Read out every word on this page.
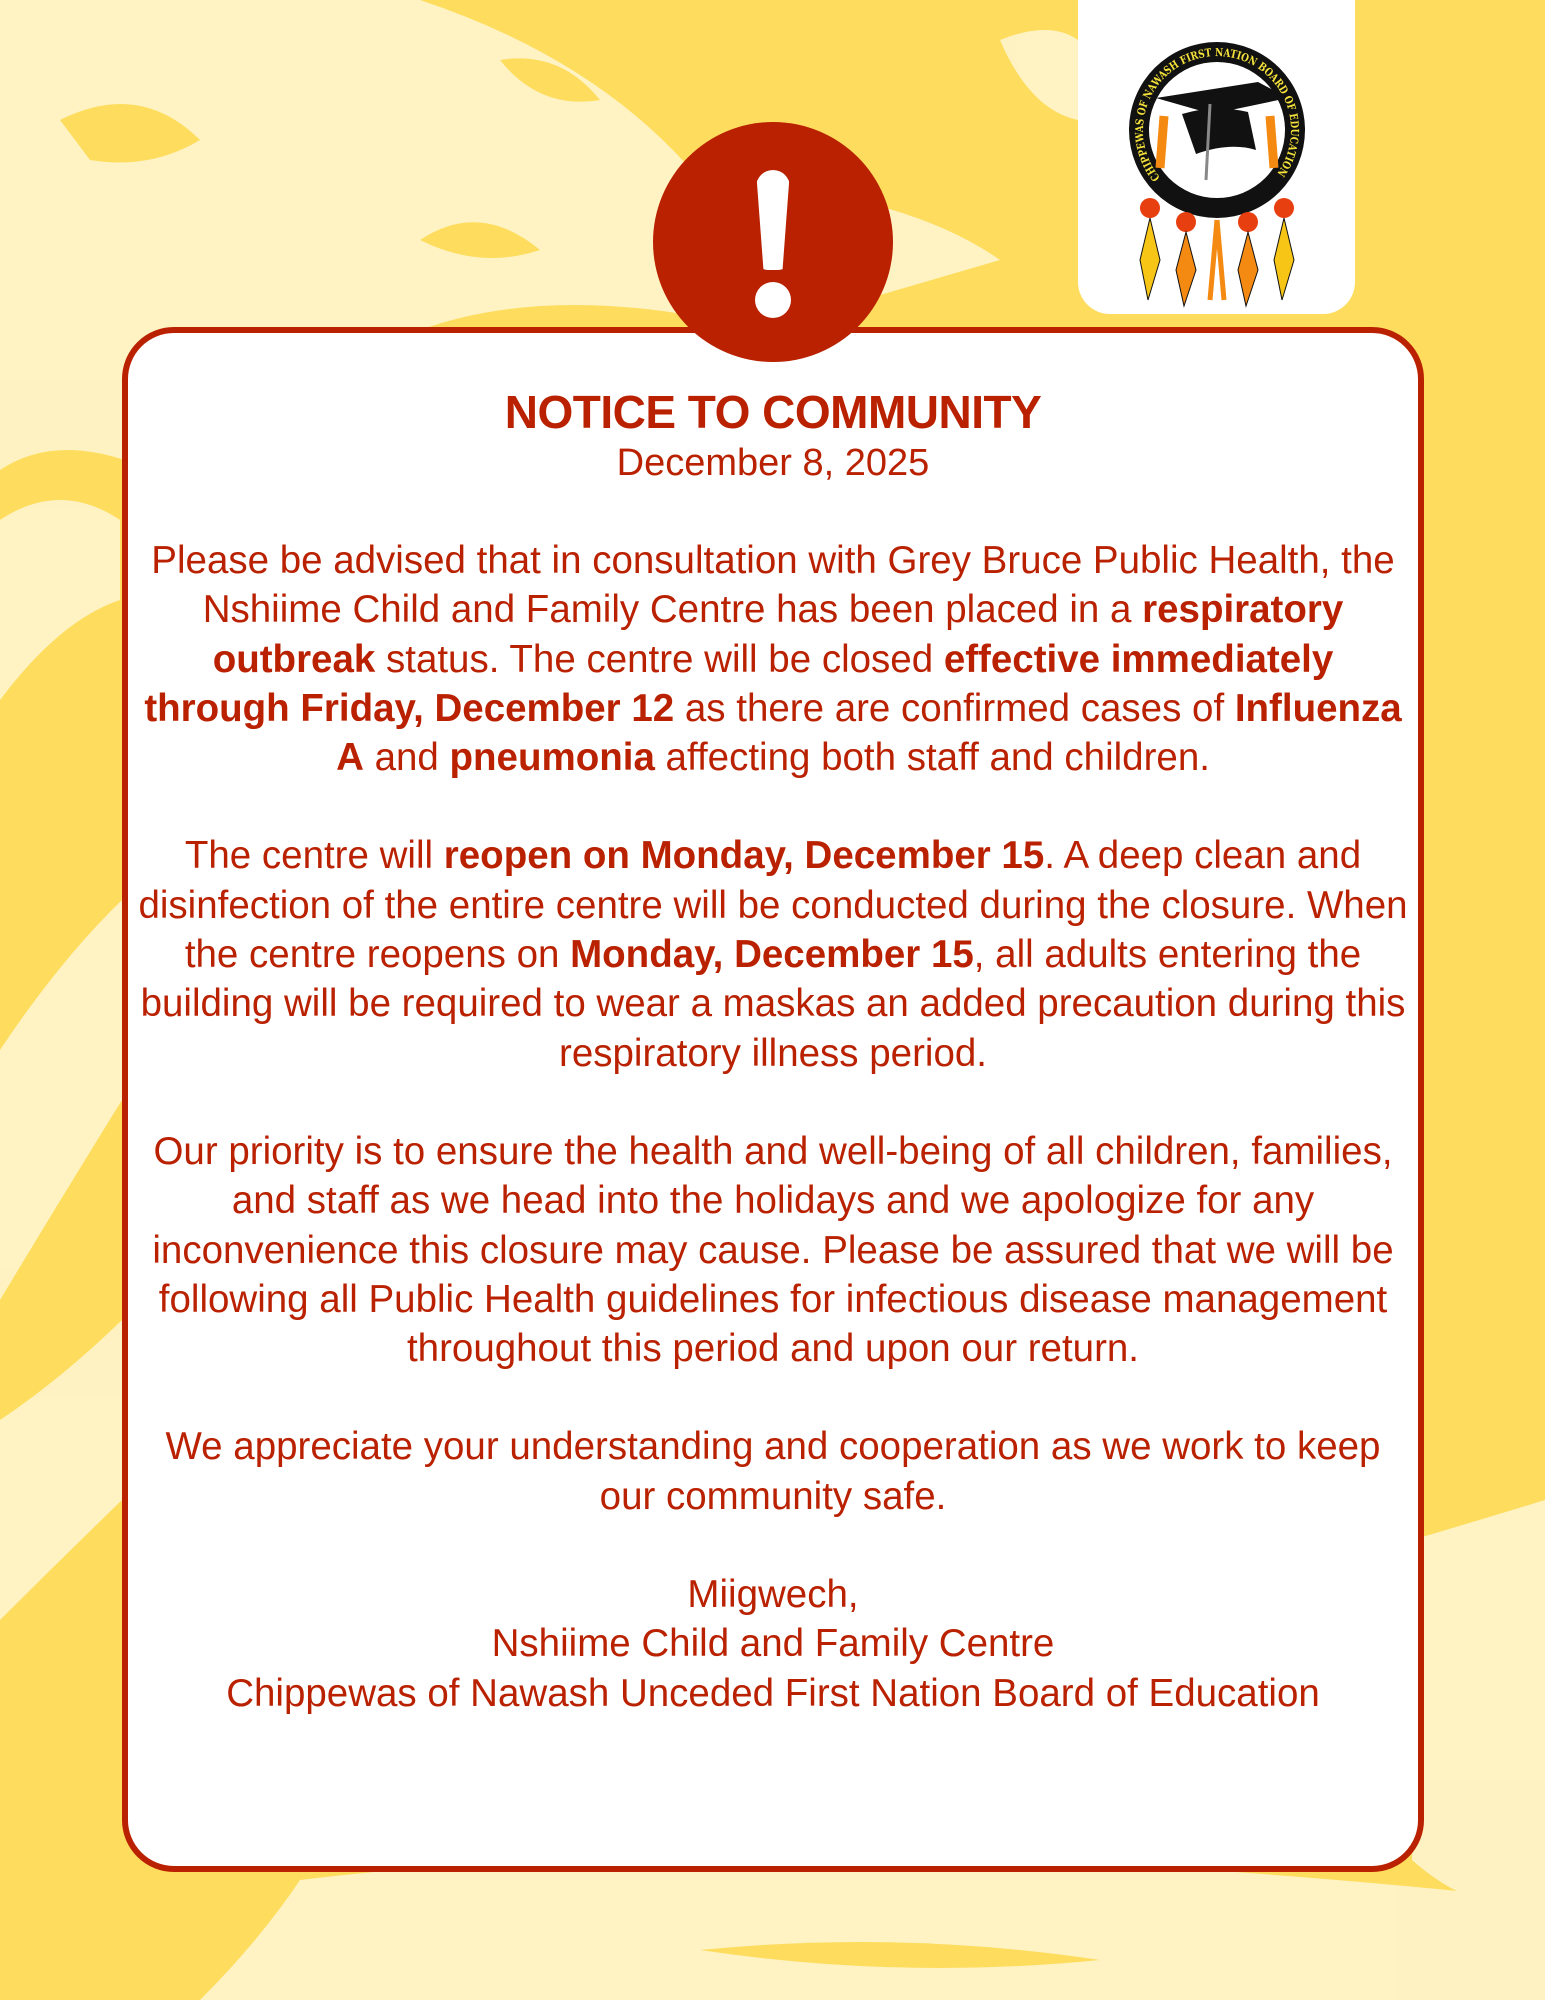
CHIPPEWAS OF NAWASH FIRST NATION BOARD OF EDUCATION
NOTICE TO COMMUNITY
December 8, 2025

Please be advised that in consultation with Grey Bruce Public Health, the Nshiime Child and Family Centre has been placed in a respiratory outbreak status. The centre will be closed effective immediately through Friday, December 12 as there are confirmed cases of Influenza A and pneumonia affecting both staff and children.

The centre will reopen on Monday, December 15. A deep clean and disinfection of the entire centre will be conducted during the closure. When the centre reopens on Monday, December 15, all adults entering the building will be required to wear a maskas an added precaution during this respiratory illness period.

Our priority is to ensure the health and well-being of all children, families, and staff as we head into the holidays and we apologize for any inconvenience this closure may cause. Please be assured that we will be following all Public Health guidelines for infectious disease management throughout this period and upon our return.

We appreciate your understanding and cooperation as we work to keep our community safe.

Miigwech,
Nshiime Child and Family Centre
Chippewas of Nawash Unceded First Nation Board of Education
